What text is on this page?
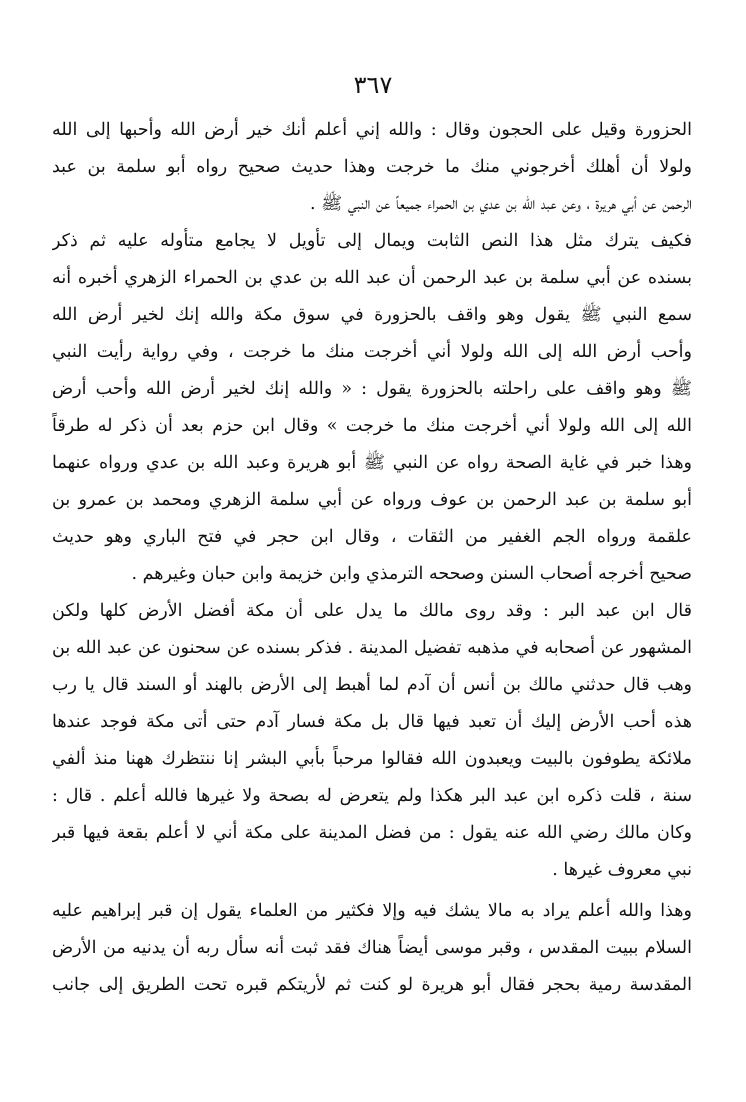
٣٦٧
الحزورة وقيل على الحجون وقال : والله إني أعلم أنك خير أرض الله وأحبها إلى الله
ولولا أن أهلك أخرجوني منك ما خرجت وهذا حديث صحيح رواه أبو سلمة بن عبد
الرحمن عن أبي هريرة ، وعن عبد الله بن عدي بن الحمراء جميعاً عن النبي ﷺ .
فكيف يترك مثل هذا النص الثابت ويمال إلى تأويل لا يجامع متأوله عليه ثم ذكر
بسنده عن أبي سلمة بن عبد الرحمن أن عبد الله بن عدي بن الحمراء الزهري أخبره أنه
سمع النبي ﷺ يقول وهو واقف بالحزورة في سوق مكة والله إنك لخير أرض الله
وأحب أرض الله إلى الله ولولا أني أخرجت منك ما خرجت ، وفي رواية رأيت النبي
ﷺ وهو واقف على راحلته بالحزورة يقول : « والله إنك لخير أرض الله وأحب أرض
الله إلى الله ولولا أني أخرجت منك ما خرجت » وقال ابن حزم بعد أن ذكر له طرقاً
وهذا خبر في غاية الصحة رواه عن النبي ﷺ أبو هريرة وعبد الله بن عدي ورواه عنهما
أبو سلمة بن عبد الرحمن بن عوف ورواه عن أبي سلمة الزهري ومحمد بن عمرو بن
علقمة ورواه الجم الغفير من الثقات ، وقال ابن حجر في فتح الباري وهو حديث
صحيح أخرجه أصحاب السنن وصححه الترمذي وابن خزيمة وابن حبان وغيرهم .
قال ابن عبد البر : وقد روى مالك ما يدل على أن مكة أفضل الأرض كلها ولكن
المشهور عن أصحابه في مذهبه تفضيل المدينة . فذكر بسنده عن سحنون عن عبد الله بن
وهب قال حدثني مالك بن أنس أن آدم لما أهبط إلى الأرض بالهند أو السند قال يا رب
هذه أحب الأرض إليك أن تعبد فيها قال بل مكة فسار آدم حتى أتى مكة فوجد عندها
ملائكة يطوفون بالبيت ويعبدون الله فقالوا مرحباً بأبي البشر إنا ننتظرك ههنا منذ ألفي
سنة ، قلت ذكره ابن عبد البر هكذا ولم يتعرض له بصحة ولا غيرها فالله أعلم . قال :
وكان مالك رضي الله عنه يقول : من فضل المدينة على مكة أني لا أعلم بقعة فيها قبر
نبي معروف غيرها .
وهذا والله أعلم يراد به مالا يشك فيه وإلا فكثير من العلماء يقول إن قبر إبراهيم عليه
السلام ببيت المقدس ، وقبر موسى أيضاً هناك فقد ثبت أنه سأل ربه أن يدنيه من الأرض
المقدسة رمية بحجر فقال أبو هريرة لو كنت ثم لأريتكم قبره تحت الطريق إلى جانب
